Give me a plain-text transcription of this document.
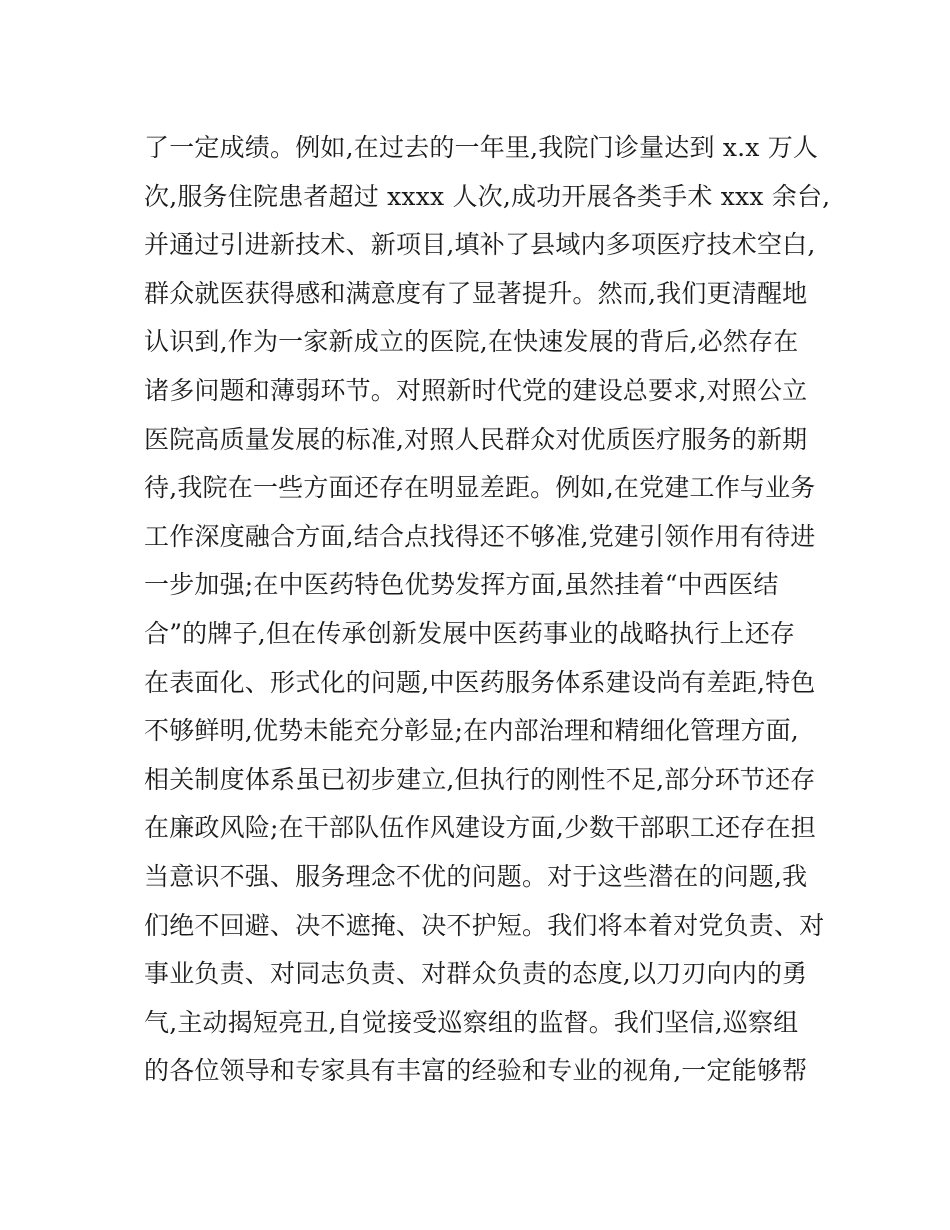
了一定成绩。例如,在过去的一年里,我院门诊量达到 x.x 万人
次,服务住院患者超过 xxxx 人次,成功开展各类手术 xxx 余台,
并通过引进新技术、新项目,填补了县域内多项医疗技术空白,
群众就医获得感和满意度有了显著提升。然而,我们更清醒地
认识到,作为一家新成立的医院,在快速发展的背后,必然存在
诸多问题和薄弱环节。对照新时代党的建设总要求,对照公立
医院高质量发展的标准,对照人民群众对优质医疗服务的新期
待,我院在一些方面还存在明显差距。例如,在党建工作与业务
工作深度融合方面,结合点找得还不够准,党建引领作用有待进
一步加强;在中医药特色优势发挥方面,虽然挂着“中西医结
合”的牌子,但在传承创新发展中医药事业的战略执行上还存
在表面化、形式化的问题,中医药服务体系建设尚有差距,特色
不够鲜明,优势未能充分彰显;在内部治理和精细化管理方面,
相关制度体系虽已初步建立,但执行的刚性不足,部分环节还存
在廉政风险;在干部队伍作风建设方面,少数干部职工还存在担
当意识不强、服务理念不优的问题。对于这些潜在的问题,我
们绝不回避、决不遮掩、决不护短。我们将本着对党负责、对
事业负责、对同志负责、对群众负责的态度,以刀刃向内的勇
气,主动揭短亮丑,自觉接受巡察组的监督。我们坚信,巡察组
的各位领导和专家具有丰富的经验和专业的视角,一定能够帮
